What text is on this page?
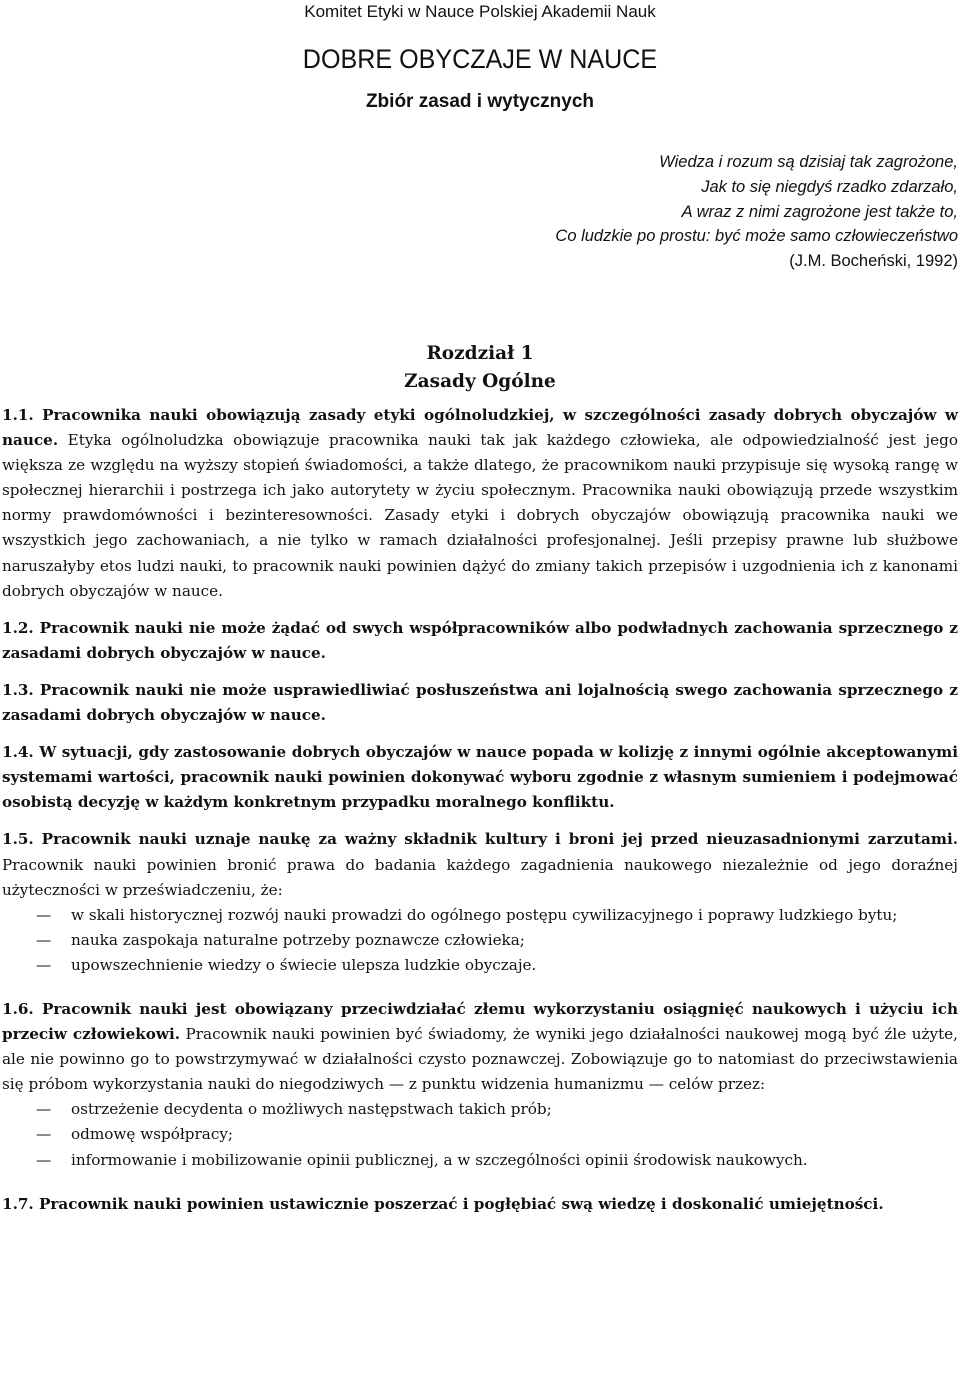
Komitet Etyki w Nauce Polskiej Akademii Nauk
DOBRE OBYCZAJE W NAUCE
Zbiór zasad i wytycznych
Wiedza i rozum są dzisiaj tak zagrożone,
Jak to się niegdyś rzadko zdarzało,
A wraz z nimi zagrożone jest także to,
Co ludzkie po prostu: być może samo człowieczeństwo
(J.M. Bocheński, 1992)
Rozdział 1
Zasady Ogólne

1.1. Pracownika nauki obowiązują zasady etyki ogólnoludzkiej, w szczególności zasady dobrych obyczajów w nauce. Etyka ogólnoludzka obowiązuje pracownika nauki tak jak każdego człowieka, ale odpowiedzialność jest jego większa ze względu na wyższy stopień świadomości, a także dlatego, że pracownikom nauki przypisuje się wysoką rangę w społecznej hierarchii i postrzega ich jako autorytety w życiu społecznym. Pracownika nauki obowiązują przede wszystkim normy prawdomówności i bezinteresowności. Zasady etyki i dobrych obyczajów obowiązują pracownika nauki we wszystkich jego zachowaniach, a nie tylko w ramach działalności profesjonalnej. Jeśli przepisy prawne lub służbowe naruszałyby etos ludzi nauki, to pracownik nauki powinien dążyć do zmiany takich przepisów i uzgodnienia ich z kanonami dobrych obyczajów w nauce.

1.2. Pracownik nauki nie może żądać od swych współpracowników albo podwładnych zachowania sprzecznego z zasadami dobrych obyczajów w nauce.

1.3. Pracownik nauki nie może usprawiedliwiać posłuszeństwa ani lojalnością swego zachowania sprzecznego z zasadami dobrych obyczajów w nauce.

1.4. W sytuacji, gdy zastosowanie dobrych obyczajów w nauce popada w kolizję z innymi ogólnie akceptowanymi systemami wartości, pracownik nauki powinien dokonywać wyboru zgodnie z własnym sumieniem i podejmować osobistą decyzję w każdym konkretnym przypadku moralnego konfliktu.

1.5. Pracownik nauki uznaje naukę za ważny składnik kultury i broni jej przed nieuzasadnionymi zarzutami. Pracownik nauki powinien bronić prawa do badania każdego zagadnienia naukowego niezależnie od jego doraźnej użyteczności w przeświadczeniu, że:

— w skali historycznej rozwój nauki prowadzi do ogólnego postępu cywilizacyjnego i poprawy ludzkiego bytu;
— nauka zaspokaja naturalne potrzeby poznawcze człowieka;
— upowszechnienie wiedzy o świecie ulepsza ludzkie obyczaje.

1.6. Pracownik nauki jest obowiązany przeciwdziałać złemu wykorzystaniu osiągnięć naukowych i użyciu ich przeciw człowiekowi. Pracownik nauki powinien być świadomy, że wyniki jego działalności naukowej mogą być źle użyte, ale nie powinno go to powstrzymywać w działalności czysto poznawczej. Zobowiązuje go to natomiast do przeciwstawienia się próbom wykorzystania nauki do niegodziwych — z punktu widzenia humanizmu — celów przez:

— ostrzeżenie decydenta o możliwych następstwach takich prób;
— odmowę współpracy;
— informowanie i mobilizowanie opinii publicznej, a w szczególności opinii środowisk naukowych.

1.7. Pracownik nauki powinien ustawicznie poszerzać i pogłębiać swą wiedzę i doskonalić umiejętności.
